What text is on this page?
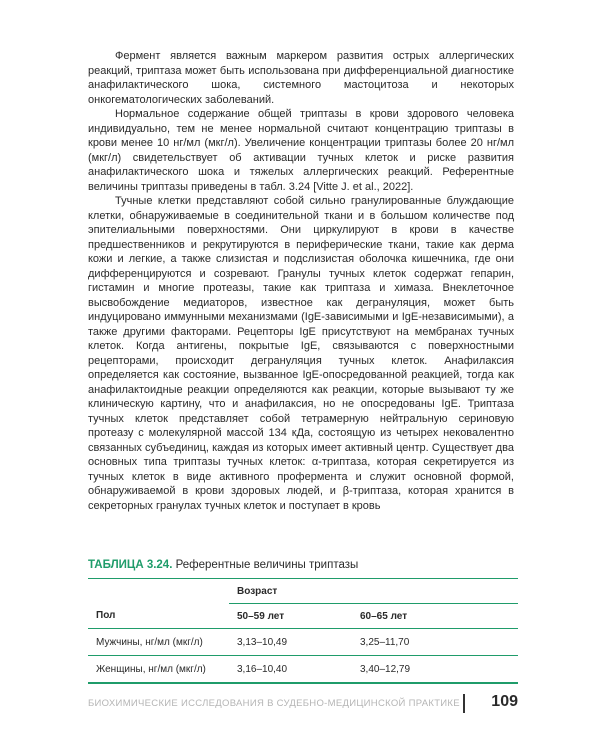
Фермент является важным маркером развития острых аллергических реакций, триптаза может быть использована при дифференциальной диагностике анафилактического шока, системного мастоцитоза и некоторых онкогематологических заболеваний.

Нормальное содержание общей триптазы в крови здорового человека индивидуально, тем не менее нормальной считают концентрацию триптазы в крови менее 10 нг/мл (мкг/л). Увеличение концентрации триптазы более 20 нг/мл (мкг/л) свидетельствует об активации тучных клеток и риске развития анафилактического шока и тяжелых аллергических реакций. Референтные величины триптазы приведены в табл. 3.24 [Vitte J. et al., 2022].

Тучные клетки представляют собой сильно гранулированные блуждающие клетки, обнаруживаемые в соединительной ткани и в большом количестве под эпителиальными поверхностями. Они циркулируют в крови в качестве предшественников и рекрутируются в периферические ткани, такие как дерма кожи и легкие, а также слизистая и подслизистая оболочка кишечника, где они дифференцируются и созревают. Гранулы тучных клеток содержат гепарин, гистамин и многие протеазы, такие как триптаза и химаза. Внеклеточное высвобождение медиаторов, известное как дегрануляция, может быть индуцировано иммунными механизмами (IgE-зависимыми и IgE-независимыми), а также другими факторами. Рецепторы IgE присутствуют на мембранах тучных клеток. Когда антигены, покрытые IgE, связываются с поверхностными рецепторами, происходит дегрануляция тучных клеток. Анафилаксия определяется как состояние, вызванное IgE-опосредованной реакцией, тогда как анафилактоидные реакции определяются как реакции, которые вызывают ту же клиническую картину, что и анафилаксия, но не опосредованы IgE. Триптаза тучных клеток представляет собой тетрамерную нейтральную сериновую протеазу с молекулярной массой 134 кДа, состоящую из четырех нековалентно связанных субъединиц, каждая из которых имеет активный центр. Существует два основных типа триптазы тучных клеток: α-триптаза, которая секретируется из тучных клеток в виде активного профермента и служит основной формой, обнаруживаемой в крови здоровых людей, и β-триптаза, которая хранится в секреторных гранулах тучных клеток и поступает в кровь

ТАБЛИЦА 3.24. Референтные величины триптазы
	Возраст	
Пол	50–59 лет	60–65 лет
Мужчины, нг/мл (мкг/л)	3,13–10,49	3,25–11,70
Женщины, нг/мл (мкг/л)	3,16–10,40	3,40–12,79
БИОХИМИЧЕСКИЕ ИССЛЕДОВАНИЯ В СУДЕБНО-МЕДИЦИНСКОЙ ПРАКТИКЕ 109
